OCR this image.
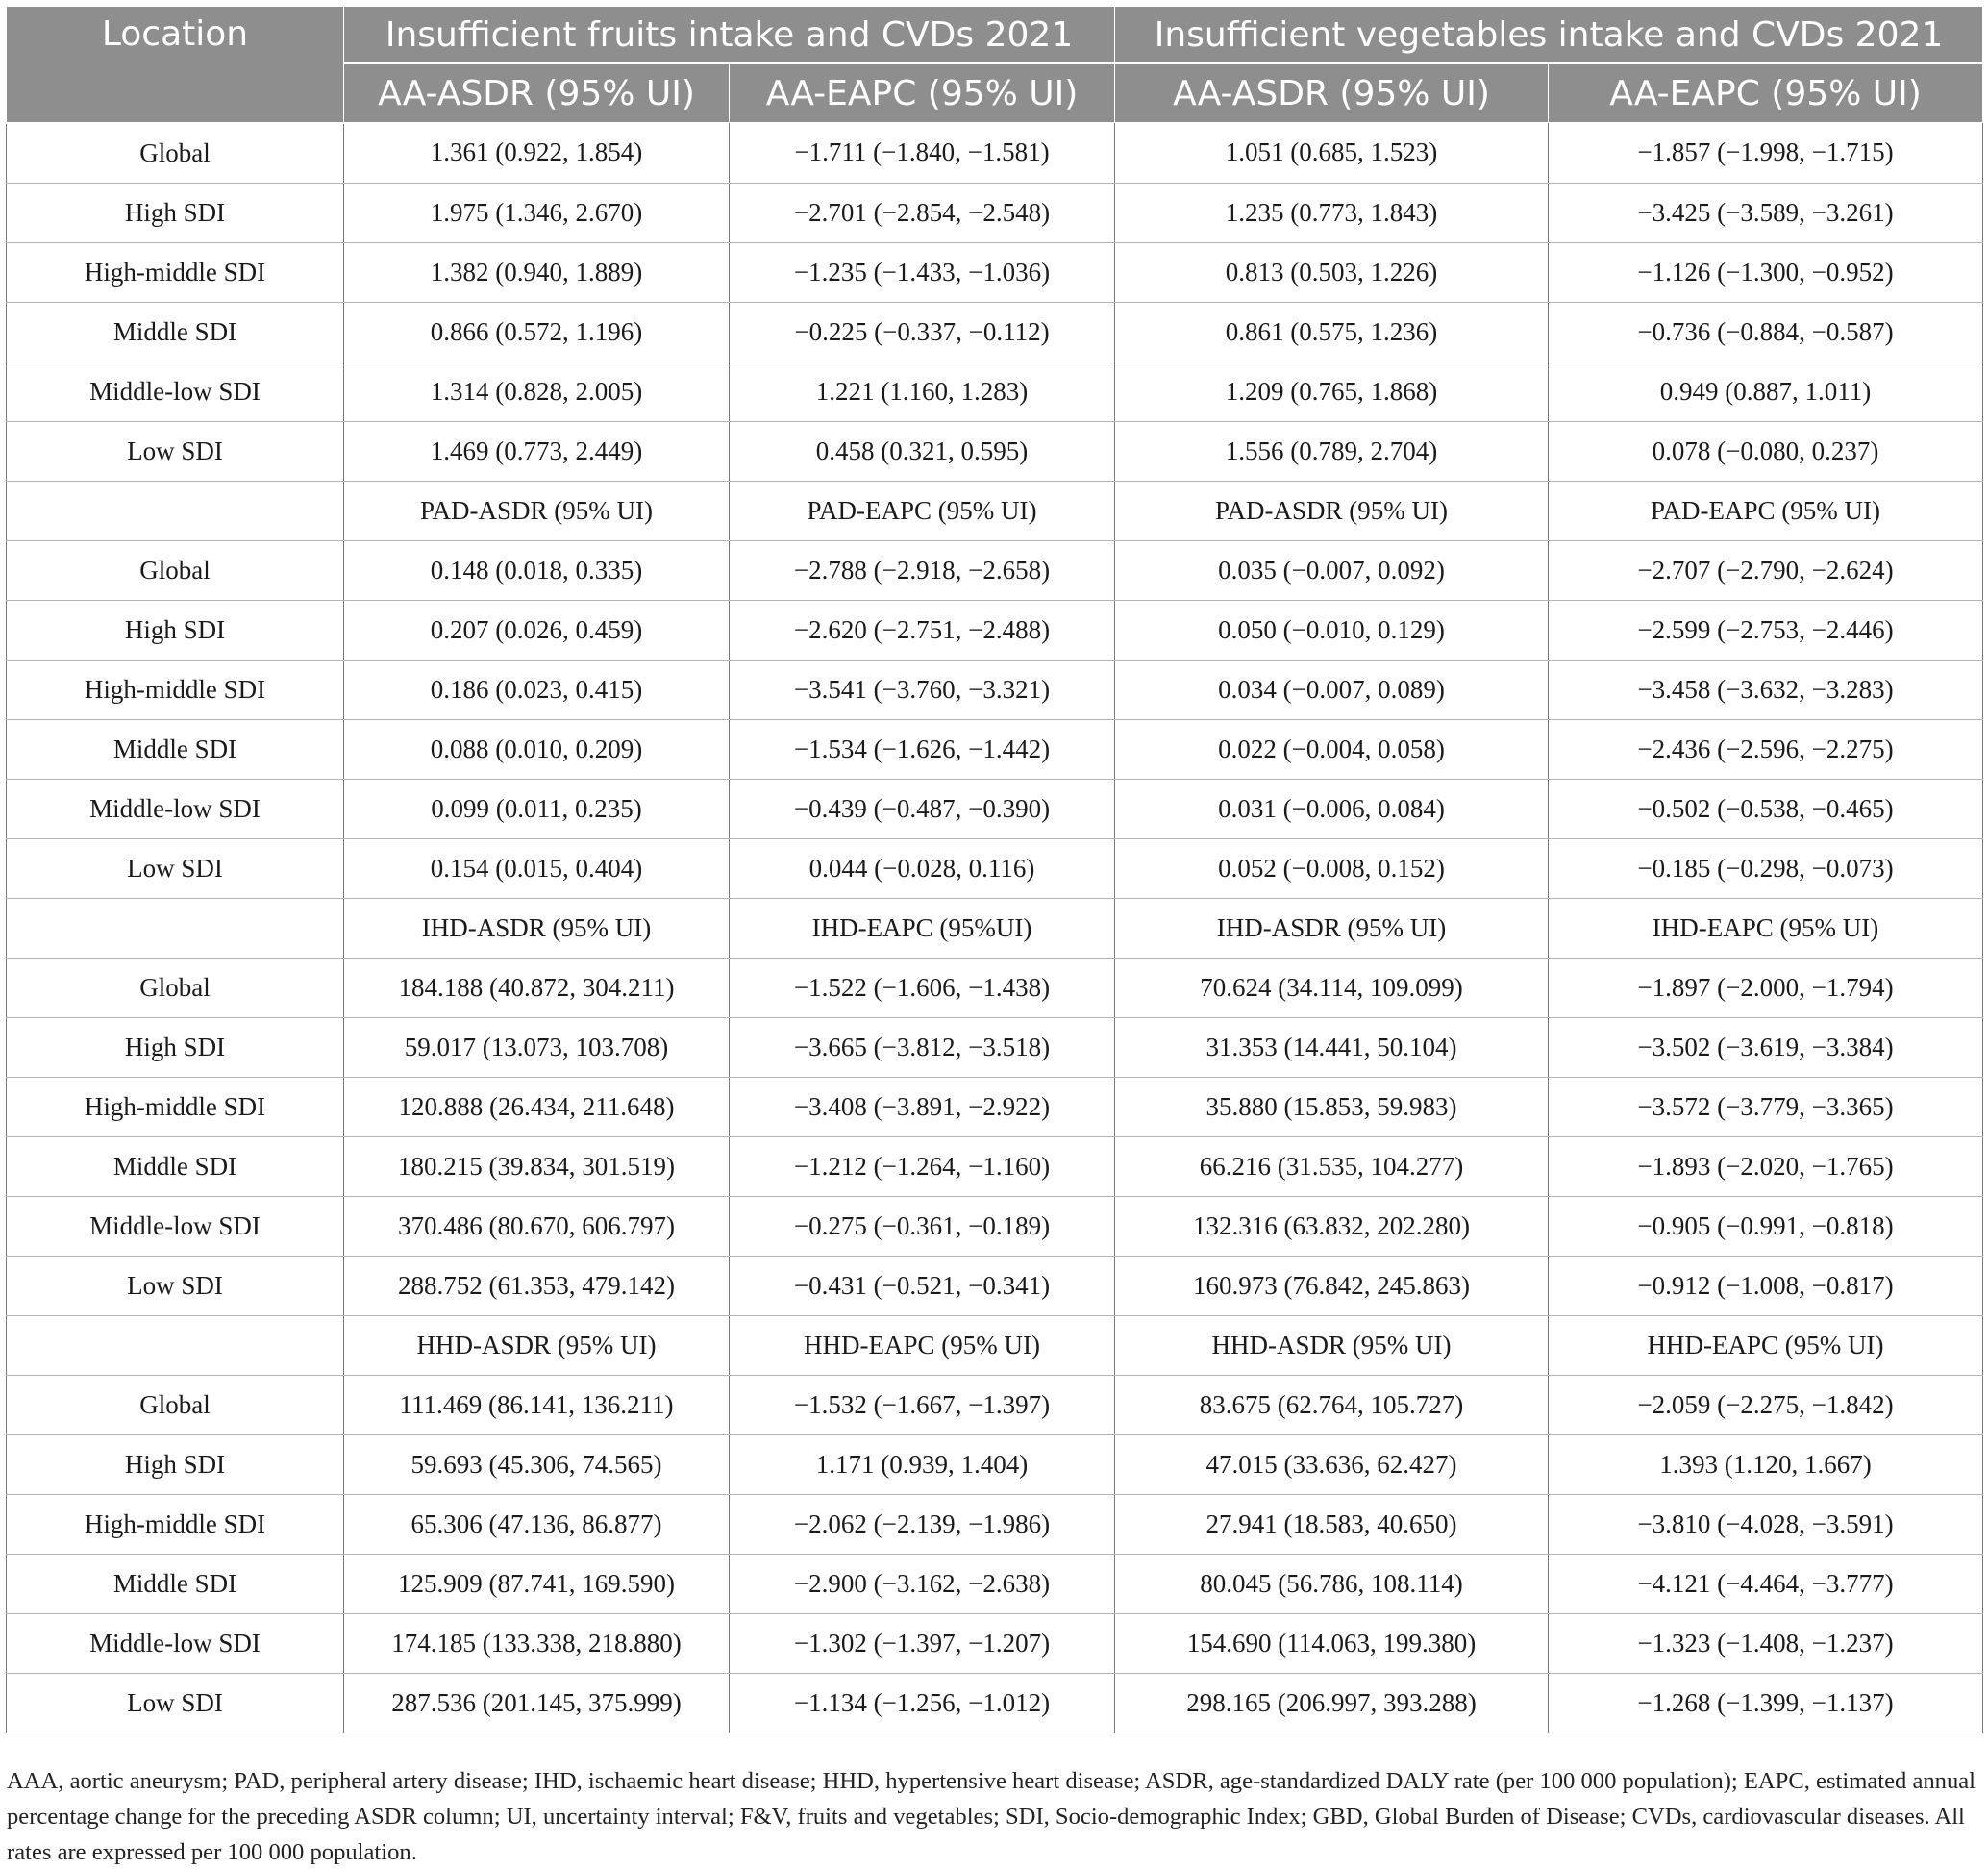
Location	Insufficient fruits intake and CVDs 2021		Insufficient vegetables intake and CVDs 2021	
	AA-ASDR (95% UI)	AA-EAPC (95% UI)	AA-ASDR (95% UI)	AA-EAPC (95% UI)
Global	1.361 (0.922, 1.854)	−1.711 (−1.840, −1.581)	1.051 (0.685, 1.523)	−1.857 (−1.998, −1.715)
High SDI	1.975 (1.346, 2.670)	−2.701 (−2.854, −2.548)	1.235 (0.773, 1.843)	−3.425 (−3.589, −3.261)
High-middle SDI	1.382 (0.940, 1.889)	−1.235 (−1.433, −1.036)	0.813 (0.503, 1.226)	−1.126 (−1.300, −0.952)
Middle SDI	0.866 (0.572, 1.196)	−0.225 (−0.337, −0.112)	0.861 (0.575, 1.236)	−0.736 (−0.884, −0.587)
Middle-low SDI	1.314 (0.828, 2.005)	1.221 (1.160, 1.283)	1.209 (0.765, 1.868)	0.949 (0.887, 1.011)
Low SDI	1.469 (0.773, 2.449)	0.458 (0.321, 0.595)	1.556 (0.789, 2.704)	0.078 (−0.080, 0.237)
	PAD-ASDR (95% UI)	PAD-EAPC (95% UI)	PAD-ASDR (95% UI)	PAD-EAPC (95% UI)
Global	0.148 (0.018, 0.335)	−2.788 (−2.918, −2.658)	0.035 (−0.007, 0.092)	−2.707 (−2.790, −2.624)
High SDI	0.207 (0.026, 0.459)	−2.620 (−2.751, −2.488)	0.050 (−0.010, 0.129)	−2.599 (−2.753, −2.446)
High-middle SDI	0.186 (0.023, 0.415)	−3.541 (−3.760, −3.321)	0.034 (−0.007, 0.089)	−3.458 (−3.632, −3.283)
Middle SDI	0.088 (0.010, 0.209)	−1.534 (−1.626, −1.442)	0.022 (−0.004, 0.058)	−2.436 (−2.596, −2.275)
Middle-low SDI	0.099 (0.011, 0.235)	−0.439 (−0.487, −0.390)	0.031 (−0.006, 0.084)	−0.502 (−0.538, −0.465)
Low SDI	0.154 (0.015, 0.404)	0.044 (−0.028, 0.116)	0.052 (−0.008, 0.152)	−0.185 (−0.298, −0.073)
	IHD-ASDR (95% UI)	IHD-EAPC (95%UI)	IHD-ASDR (95% UI)	IHD-EAPC (95% UI)
Global	184.188 (40.872, 304.211)	−1.522 (−1.606, −1.438)	70.624 (34.114, 109.099)	−1.897 (−2.000, −1.794)
High SDI	59.017 (13.073, 103.708)	−3.665 (−3.812, −3.518)	31.353 (14.441, 50.104)	−3.502 (−3.619, −3.384)
High-middle SDI	120.888 (26.434, 211.648)	−3.408 (−3.891, −2.922)	35.880 (15.853, 59.983)	−3.572 (−3.779, −3.365)
Middle SDI	180.215 (39.834, 301.519)	−1.212 (−1.264, −1.160)	66.216 (31.535, 104.277)	−1.893 (−2.020, −1.765)
Middle-low SDI	370.486 (80.670, 606.797)	−0.275 (−0.361, −0.189)	132.316 (63.832, 202.280)	−0.905 (−0.991, −0.818)
Low SDI	288.752 (61.353, 479.142)	−0.431 (−0.521, −0.341)	160.973 (76.842, 245.863)	−0.912 (−1.008, −0.817)
	HHD-ASDR (95% UI)	HHD-EAPC (95% UI)	HHD-ASDR (95% UI)	HHD-EAPC (95% UI)
Global	111.469 (86.141, 136.211)	−1.532 (−1.667, −1.397)	83.675 (62.764, 105.727)	−2.059 (−2.275, −1.842)
High SDI	59.693 (45.306, 74.565)	1.171 (0.939, 1.404)	47.015 (33.636, 62.427)	1.393 (1.120, 1.667)
High-middle SDI	65.306 (47.136, 86.877)	−2.062 (−2.139, −1.986)	27.941 (18.583, 40.650)	−3.810 (−4.028, −3.591)
Middle SDI	125.909 (87.741, 169.590)	−2.900 (−3.162, −2.638)	80.045 (56.786, 108.114)	−4.121 (−4.464, −3.777)
Middle-low SDI	174.185 (133.338, 218.880)	−1.302 (−1.397, −1.207)	154.690 (114.063, 199.380)	−1.323 (−1.408, −1.237)
Low SDI	287.536 (201.145, 375.999)	−1.134 (−1.256, −1.012)	298.165 (206.997, 393.288)	−1.268 (−1.399, −1.137)

AAA, aortic aneurysm; PAD, peripheral artery disease; IHD, ischaemic heart disease; HHD, hypertensive heart disease; ASDR, age-standardized DALY rate (per 100 000 population); EAPC, estimated annual percentage change for the preceding ASDR column; UI, uncertainty interval; F&V, fruits and vegetables; SDI, Socio-demographic Index; GBD, Global Burden of Disease; CVDs, cardiovascular diseases. All rates are expressed per 100 000 population.
